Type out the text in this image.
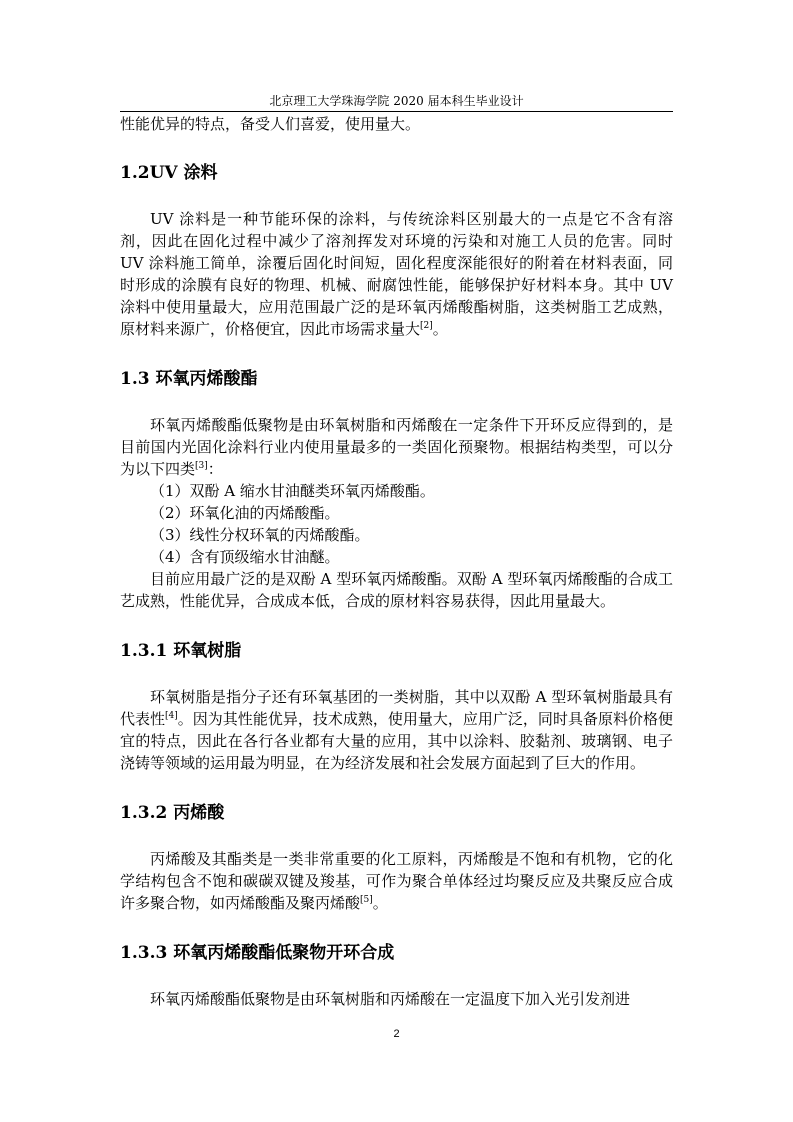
北京理工大学珠海学院 2020 届本科生毕业设计

性能优异的特点，备受人们喜爱，使用量大。

1.2UV 涂料

UV 涂料是一种节能环保的涂料，与传统涂料区别最大的一点是它不含有溶剂，因此在固化过程中减少了溶剂挥发对环境的污染和对施工人员的危害。同时 UV 涂料施工简单，涂覆后固化时间短，固化程度深能很好的附着在材料表面，同时形成的涂膜有良好的物理、机械、耐腐蚀性能，能够保护好材料本身。其中 UV 涂料中使用量最大，应用范围最广泛的是环氧丙烯酸酯树脂，这类树脂工艺成熟，原材料来源广，价格便宜，因此市场需求量大[2]。

1.3 环氧丙烯酸酯

环氧丙烯酸酯低聚物是由环氧树脂和丙烯酸在一定条件下开环反应得到的，是目前国内光固化涂料行业内使用量最多的一类固化预聚物。根据结构类型，可以分为以下四类[3]：

（1）双酚 A 缩水甘油醚类环氧丙烯酸酯。

（2）环氧化油的丙烯酸酯。

（3）线性分权环氧的丙烯酸酯。

（4）含有顶级缩水甘油醚。

目前应用最广泛的是双酚 A 型环氧丙烯酸酯。双酚 A 型环氧丙烯酸酯的合成工艺成熟，性能优异，合成成本低，合成的原材料容易获得，因此用量最大。

1.3.1 环氧树脂

环氧树脂是指分子还有环氧基团的一类树脂，其中以双酚 A 型环氧树脂最具有代表性[4]。因为其性能优异，技术成熟，使用量大，应用广泛，同时具备原料价格便宜的特点，因此在各行各业都有大量的应用，其中以涂料、胶黏剂、玻璃钢、电子浇铸等领域的运用最为明显，在为经济发展和社会发展方面起到了巨大的作用。

1.3.2 丙烯酸

丙烯酸及其酯类是一类非常重要的化工原料，丙烯酸是不饱和有机物，它的化学结构包含不饱和碳碳双键及羧基，可作为聚合单体经过均聚反应及共聚反应合成许多聚合物，如丙烯酸酯及聚丙烯酸[5]。

1.3.3 环氧丙烯酸酯低聚物开环合成

环氧丙烯酸酯低聚物是由环氧树脂和丙烯酸在一定温度下加入光引发剂进

2
